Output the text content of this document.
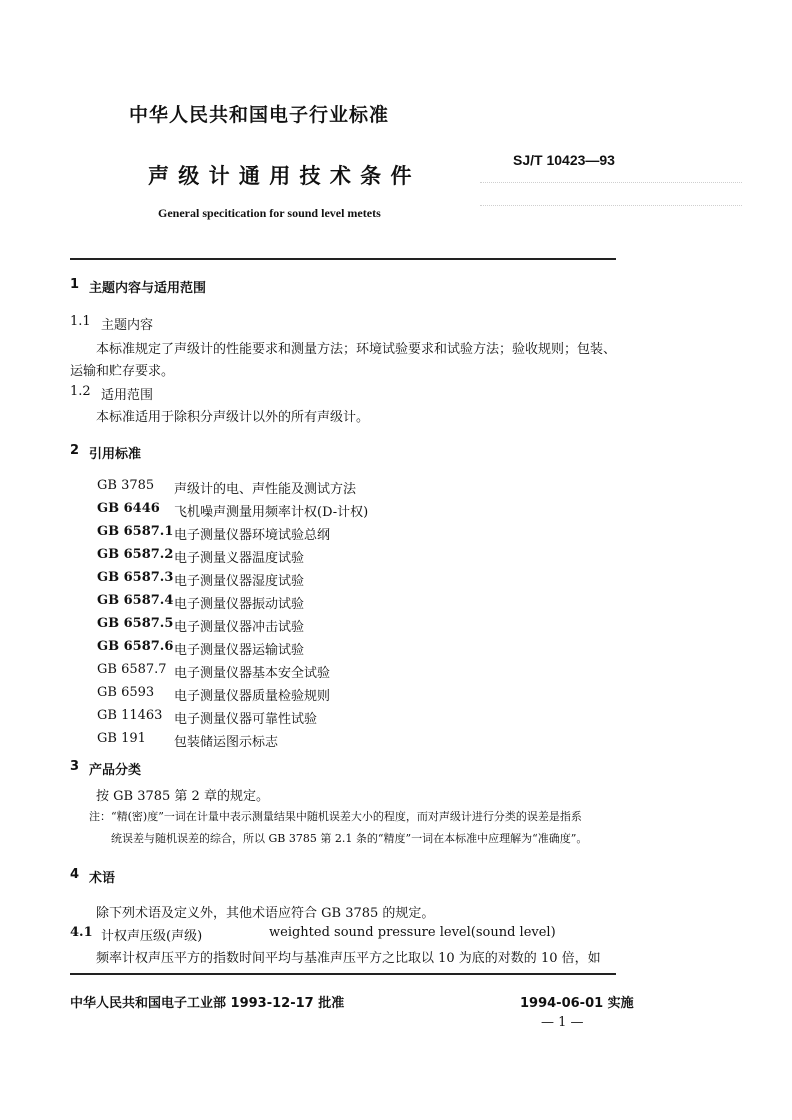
中华人民共和国电子行业标准
声 级 计 通 用 技 术 条 件
SJ/T 10423—93
General specitication for sound level metets
1 主题内容与适用范围
1.1 主题内容
本标准规定了声级计的性能要求和测量方法；环境试验要求和试验方法；验收规则；包装、
运输和贮存要求。
1.2 适用范围
本标准适用于除积分声级计以外的所有声级计。
2 引用标准
GB 3785 声级计的电、声性能及测试方法
GB 6446 飞机噪声测量用频率计权(D-计权)
GB 6587.1 电子测量仪器环境试验总纲
GB 6587.2 电子测量义器温度试验
GB 6587.3 电子测量仪器湿度试验
GB 6587.4 电子测量仪器振动试验
GB 6587.5 电子测量仪器冲击试验
GB 6587.6 电子测量仪器运输试验
GB 6587.7 电子测量仪器基本安全试验
GB 6593 电子测量仪器质量检验规则
GB 11463 电子测量仪器可靠性试验
GB 191 包装储运图示标志
3 产品分类
按 GB 3785 第 2 章的规定。
注：“精(密)度”一词在计量中表示测量结果中随机误差大小的程度，而对声级计进行分类的误差是指系
统误差与随机误差的综合，所以 GB 3785 第 2.1 条的“精度”一词在本标准中应理解为“准确度”。
4 术语
除下列术语及定义外，其他术语应符合 GB 3785 的规定。
4.1 计权声压级(声级)	weighted sound pressure level(sound level)
频率计权声压平方的指数时间平均与基准声压平方之比取以 10 为底的对数的 10 倍，如
中华人民共和国电子工业部 1993-12-17 批准	1994-06-01 实施
— 1 —
